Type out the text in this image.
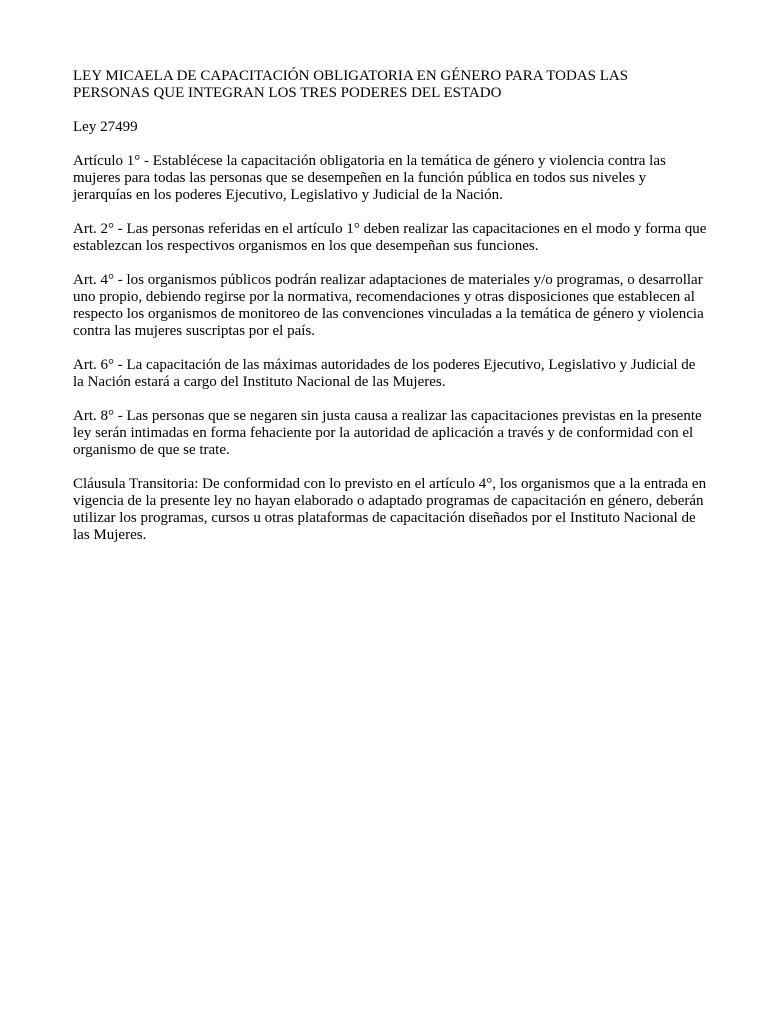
LEY MICAELA DE CAPACITACIÓN OBLIGATORIA EN GÉNERO PARA TODAS LAS PERSONAS QUE INTEGRAN LOS TRES PODERES DEL ESTADO

Ley 27499

Artículo 1° - Establécese la capacitación obligatoria en la temática de género y violencia contra las mujeres para todas las personas que se desempeñen en la función pública en todos sus niveles y jerarquías en los poderes Ejecutivo, Legislativo y Judicial de la Nación.

Art. 2° - Las personas referidas en el artículo 1° deben realizar las capacitaciones en el modo y forma que establezcan los respectivos organismos en los que desempeñan sus funciones.

Art. 4° - los organismos públicos podrán realizar adaptaciones de materiales y/o programas, o desarrollar uno propio, debiendo regirse por la normativa, recomendaciones y otras disposiciones que establecen al respecto los organismos de monitoreo de las convenciones vinculadas a la temática de género y violencia contra las mujeres suscriptas por el país.

Art. 6° - La capacitación de las máximas autoridades de los poderes Ejecutivo, Legislativo y Judicial de la Nación estará a cargo del Instituto Nacional de las Mujeres.

Art. 8° - Las personas que se negaren sin justa causa a realizar las capacitaciones previstas en la presente ley serán intimadas en forma fehaciente por la autoridad de aplicación a través y de conformidad con el organismo de que se trate.

Cláusula Transitoria: De conformidad con lo previsto en el artículo 4°, los organismos que a la entrada en vigencia de la presente ley no hayan elaborado o adaptado programas de capacitación en género, deberán utilizar los programas, cursos u otras plataformas de capacitación diseñados por el Instituto Nacional de las Mujeres.
